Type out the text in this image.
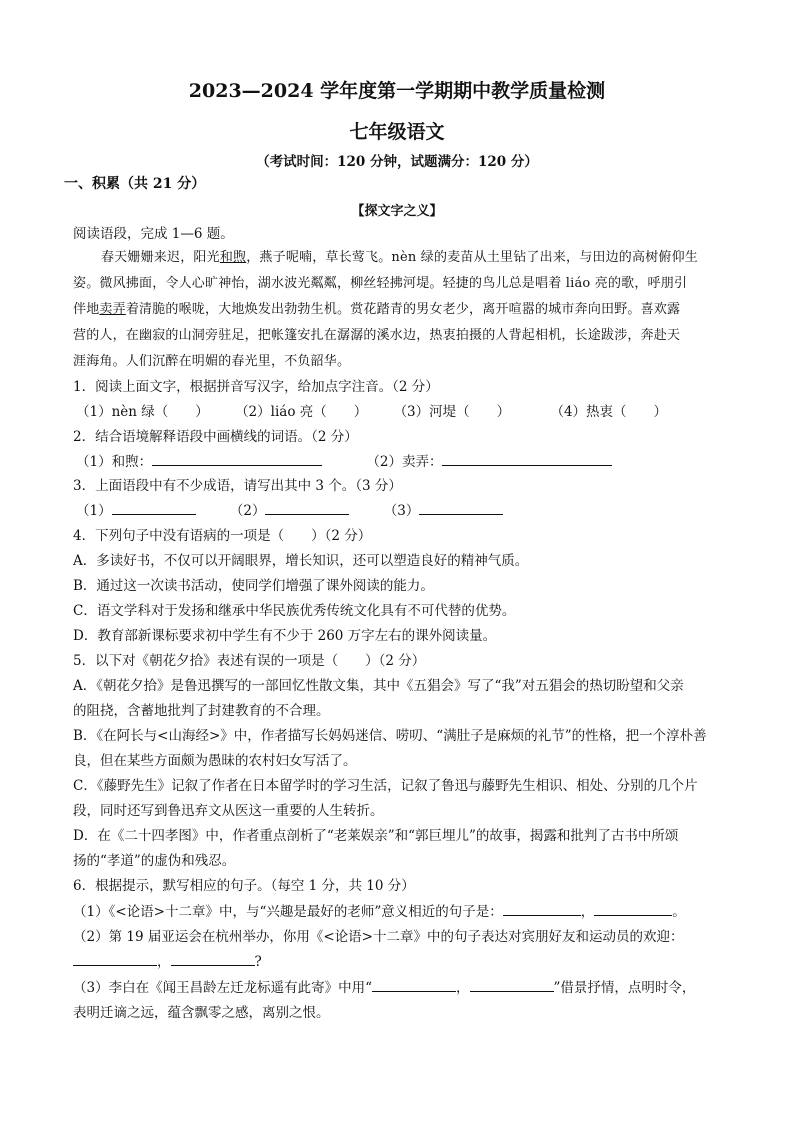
2023—2024 学年度第一学期期中教学质量检测
七年级语文
（考试时间：120 分钟，试题满分：120 分）
一、积累（共 21 分）
【探文字之义】
阅读语段，完成 1—6 题。
春天姗姗来迟，阳光和煦，燕子呢喃，草长莺飞。nèn 绿的麦苗从土里钻了出来，与田边的高树俯仰生
姿。微风拂面，令人心旷神怡，湖水波光粼粼，柳丝轻拂河堤。轻捷的鸟儿总是唱着 liáo 亮的歌，呼朋引
伴地卖弄着清脆的喉咙，大地焕发出勃勃生机。赏花踏青的男女老少，离开喧嚣的城市奔向田野。喜欢露
营的人，在幽寂的山洞旁驻足，把帐篷安扎在潺潺的溪水边，热衷拍摄的人背起相机，长途跋涉，奔赴天
涯海角。人们沉醉在明媚的春光里，不负韶华。
1．阅读上面文字，根据拼音写汉字，给加点字注音。（2 分）
（1）nèn 绿（　　） （2）liáo 亮（　　） （3）河堤（　　）	（4）热衷（　　）
2．结合语境解释语段中画横线的词语。（2 分）
（1）和煦：	（2）卖弄：
3．上面语段中有不少成语，请写出其中 3 个。（3 分）
（1）	（2）	（3）
4．下列句子中没有语病的一项是（　　）（2 分）
A．多读好书，不仅可以开阔眼界，增长知识，还可以塑造良好的精神气质。
B．通过这一次读书活动，使同学们增强了课外阅读的能力。
C．语文学科对于发扬和继承中华民族优秀传统文化具有不可代替的优势。
D．教育部新课标要求初中学生有不少于 260 万字左右的课外阅读量。
5．以下对《朝花夕拾》表述有误的一项是（　　）（2 分）
A．《朝花夕拾》是鲁迅撰写的一部回忆性散文集，其中《五猖会》写了“我”对五猖会的热切盼望和父亲
的阻挠，含蓄地批判了封建教育的不合理。
B．《在阿长与<山海经>》中，作者描写长妈妈迷信、唠叨、“满肚子是麻烦的礼节”的性格，把一个淳朴善
良，但在某些方面颇为愚昧的农村妇女写活了。
C．《藤野先生》记叙了作者在日本留学时的学习生活，记叙了鲁迅与藤野先生相识、相处、分别的几个片
段，同时还写到鲁迅弃文从医这一重要的人生转折。
D．在《二十四孝图》中，作者重点剖析了“老莱娱亲”和“郭巨埋儿”的故事，揭露和批判了古书中所颂
扬的“孝道”的虚伪和残忍。
6．根据提示，默写相应的句子。（每空 1 分，共 10 分）
（1）《<论语>十二章》中，与“兴趣是最好的老师”意义相近的句子是：	，	。
（2）第 19 届亚运会在杭州举办，你用《<论语>十二章》中的句子表达对宾朋好友和运动员的欢迎：
，	?
（3）李白在《闻王昌龄左迁龙标遥有此寄》中用“	，	”借景抒情，点明时令，
表明迁谪之远，蕴含飘零之感，离别之恨。
